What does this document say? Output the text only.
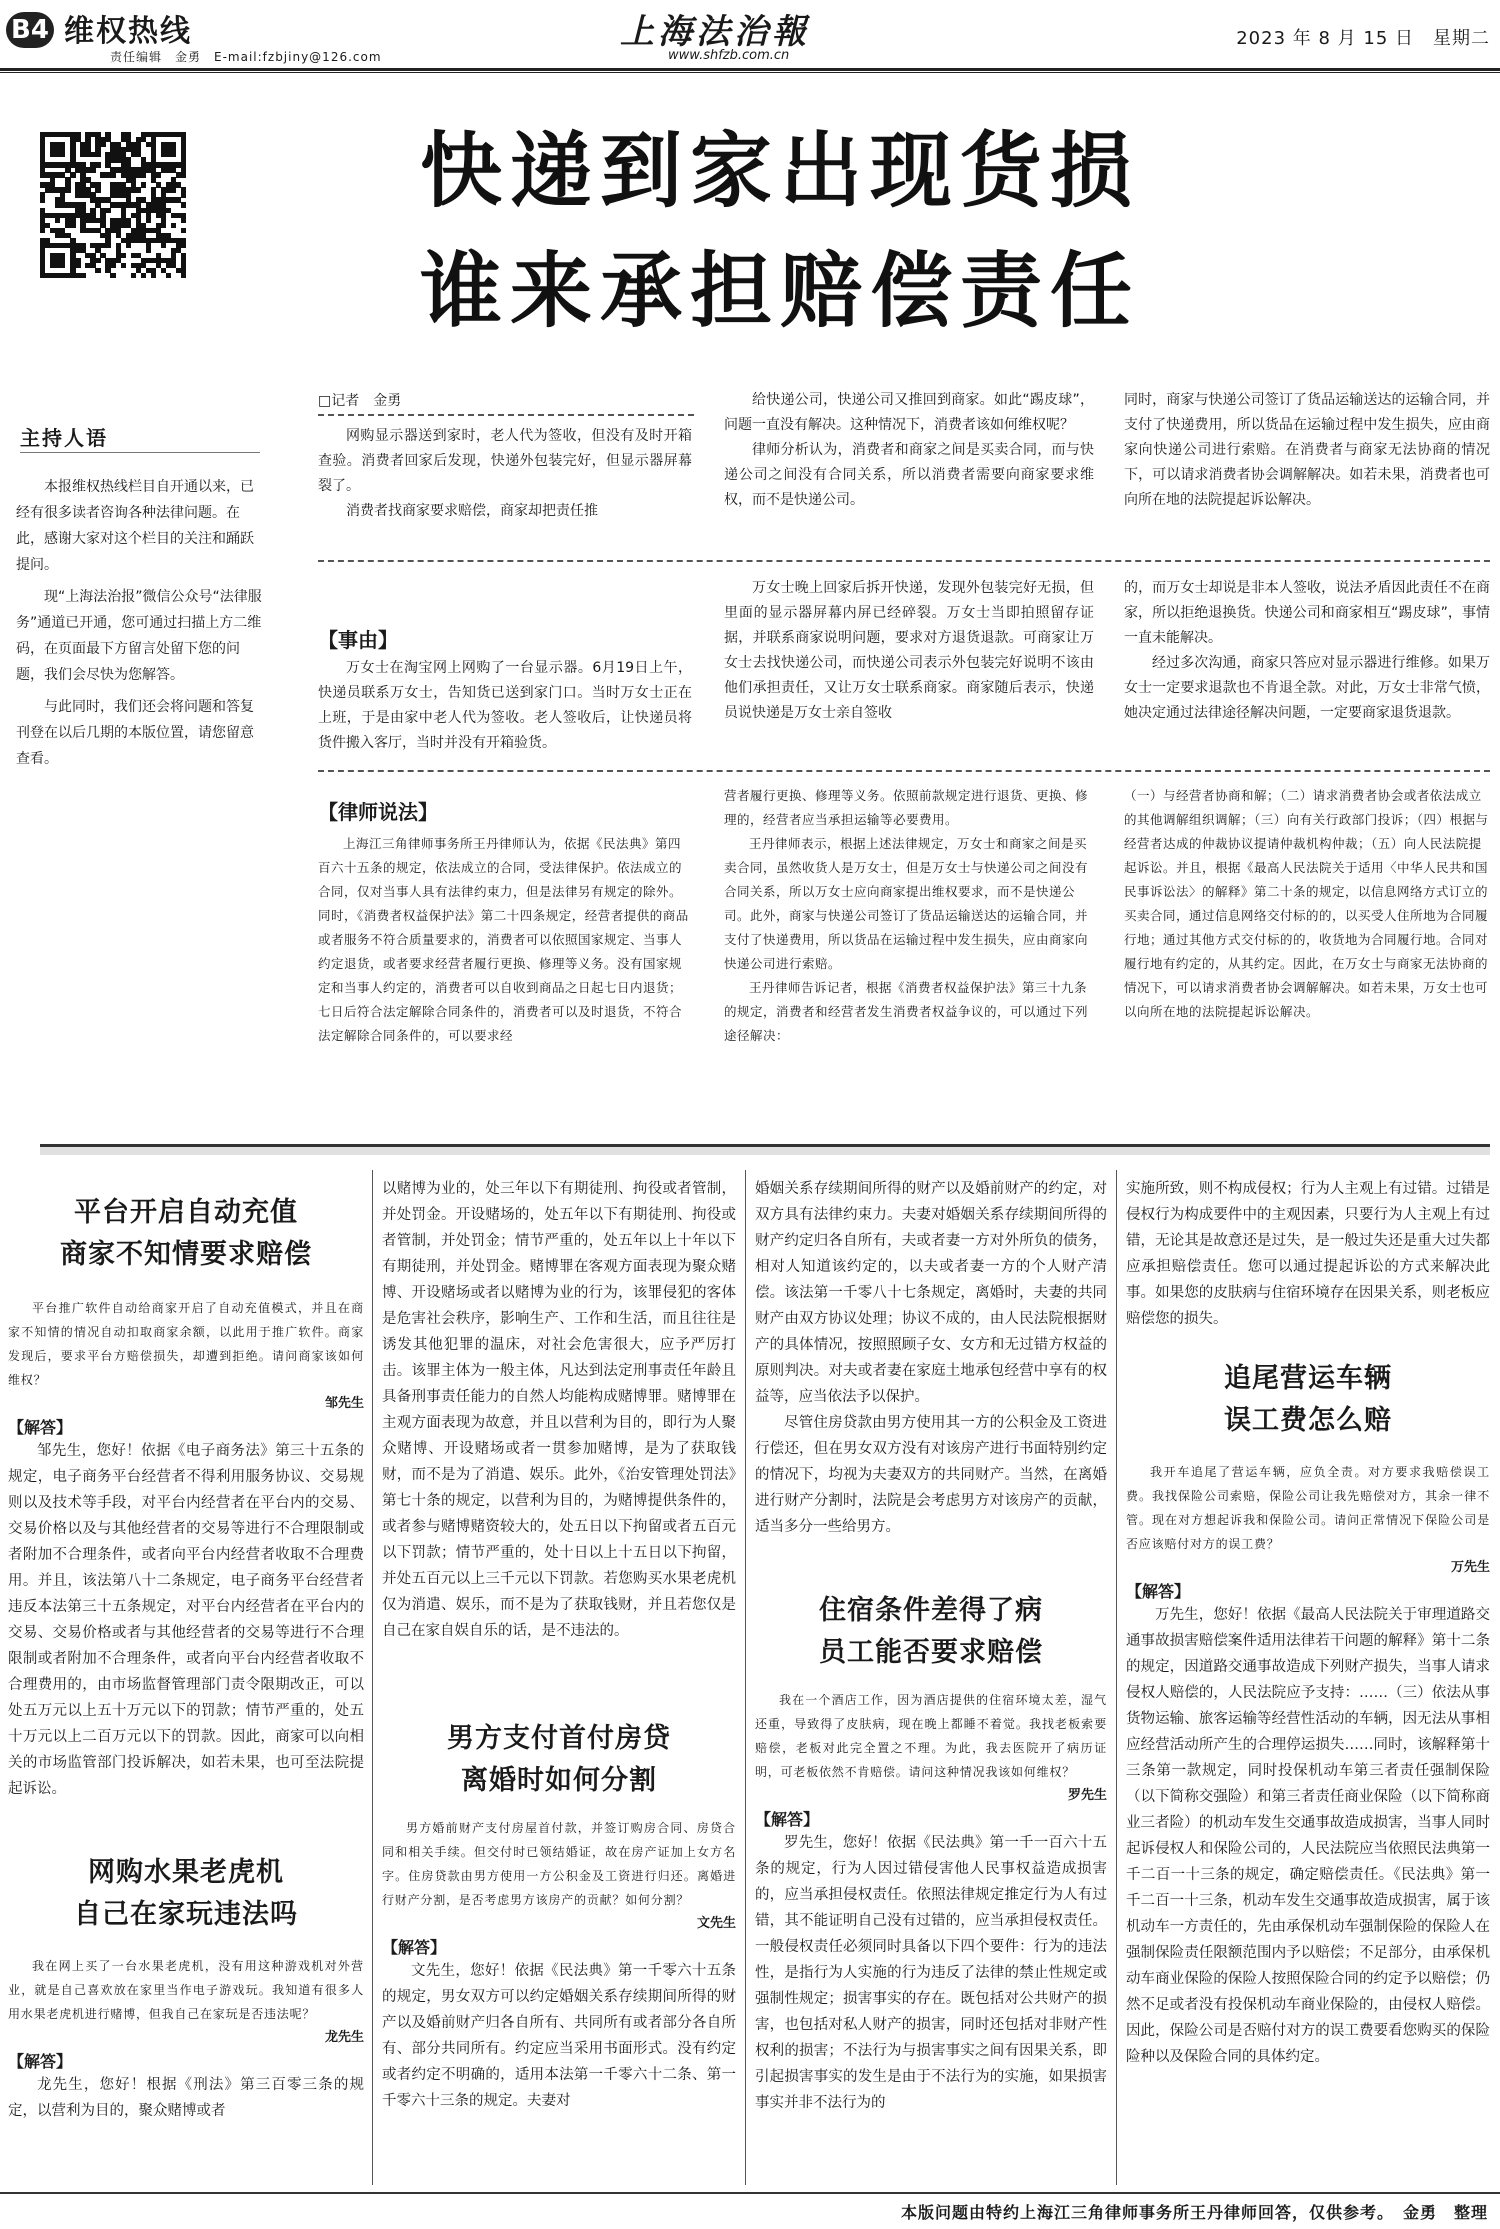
B4 维权热线
责任编辑　金勇　E-mail:fzbjiny@126.com
上海法治報
www.shfzb.com.cn
2023 年 8 月 15 日　星期二
快递到家出现货损
谁来承担赔偿责任
主持人语

本报维权热线栏目自开通以来，已经有很多读者咨询各种法律问题。在此，感谢大家对这个栏目的关注和踊跃提问。

现“上海法治报”微信公众号“法律服务”通道已开通，您可通过扫描上方二维码，在页面最下方留言处留下您的问题，我们会尽快为您解答。

与此同时，我们还会将问题和答复刊登在以后几期的本版位置，请您留意查看。

□记者　金勇

网购显示器送到家时，老人代为签收，但没有及时开箱查验。消费者回家后发现，快递外包装完好，但显示器屏幕裂了。

消费者找商家要求赔偿，商家却把责任推

给快递公司，快递公司又推回到商家。如此“踢皮球”，问题一直没有解决。这种情况下，消费者该如何维权呢？

律师分析认为，消费者和商家之间是买卖合同，而与快递公司之间没有合同关系，所以消费者需要向商家要求维权，而不是快递公司。

同时，商家与快递公司签订了货品运输送达的运输合同，并支付了快递费用，所以货品在运输过程中发生损失，应由商家向快递公司进行索赔。在消费者与商家无法协商的情况下，可以请求消费者协会调解解决。如若未果，消费者也可向所在地的法院提起诉讼解决。

【事由】

万女士在淘宝网上网购了一台显示器。6月19日上午，快递员联系万女士，告知货已送到家门口。当时万女士正在上班，于是由家中老人代为签收。老人签收后，让快递员将货件搬入客厅，当时并没有开箱验货。

万女士晚上回家后拆开快递，发现外包装完好无损，但里面的显示器屏幕内屏已经碎裂。万女士当即拍照留存证据，并联系商家说明问题，要求对方退货退款。可商家让万女士去找快递公司，而快递公司表示外包装完好说明不该由他们承担责任，又让万女士联系商家。商家随后表示，快递员说快递是万女士亲自签收

的，而万女士却说是非本人签收，说法矛盾因此责任不在商家，所以拒绝退换货。快递公司和商家相互“踢皮球”，事情一直未能解决。

经过多次沟通，商家只答应对显示器进行维修。如果万女士一定要求退款也不肯退全款。对此，万女士非常气愤，她决定通过法律途径解决问题，一定要商家退货退款。

【律师说法】

上海江三角律师事务所王丹律师认为，依据《民法典》第四百六十五条的规定，依法成立的合同，受法律保护。依法成立的合同，仅对当事人具有法律约束力，但是法律另有规定的除外。同时，《消费者权益保护法》第二十四条规定，经营者提供的商品或者服务不符合质量要求的，消费者可以依照国家规定、当事人约定退货，或者要求经营者履行更换、修理等义务。没有国家规定和当事人约定的，消费者可以自收到商品之日起七日内退货；七日后符合法定解除合同条件的，消费者可以及时退货，不符合法定解除合同条件的，可以要求经

营者履行更换、修理等义务。依照前款规定进行退货、更换、修理的，经营者应当承担运输等必要费用。

王丹律师表示，根据上述法律规定，万女士和商家之间是买卖合同，虽然收货人是万女士，但是万女士与快递公司之间没有合同关系，所以万女士应向商家提出维权要求，而不是快递公司。此外，商家与快递公司签订了货品运输送达的运输合同，并支付了快递费用，所以货品在运输过程中发生损失，应由商家向快递公司进行索赔。

王丹律师告诉记者，根据《消费者权益保护法》第三十九条的规定，消费者和经营者发生消费者权益争议的，可以通过下列途径解决：

（一）与经营者协商和解；（二）请求消费者协会或者依法成立的其他调解组织调解；（三）向有关行政部门投诉；（四）根据与经营者达成的仲裁协议提请仲裁机构仲裁；（五）向人民法院提起诉讼。并且，根据《最高人民法院关于适用〈中华人民共和国民事诉讼法〉的解释》第二十条的规定，以信息网络方式订立的买卖合同，通过信息网络交付标的的，以买受人住所地为合同履行地；通过其他方式交付标的的，收货地为合同履行地。合同对履行地有约定的，从其约定。因此，在万女士与商家无法协商的情况下，可以请求消费者协会调解解决。如若未果，万女士也可以向所在地的法院提起诉讼解决。

平台开启自动充值
商家不知情要求赔偿

平台推广软件自动给商家开启了自动充值模式，并且在商家不知情的情况自动扣取商家余额，以此用于推广软件。商家发现后，要求平台方赔偿损失，却遭到拒绝。请问商家该如何维权？

邹先生
【解答】

邹先生，您好！依据《电子商务法》第三十五条的规定，电子商务平台经营者不得利用服务协议、交易规则以及技术等手段，对平台内经营者在平台内的交易、交易价格以及与其他经营者的交易等进行不合理限制或者附加不合理条件，或者向平台内经营者收取不合理费用。并且，该法第八十二条规定，电子商务平台经营者违反本法第三十五条规定，对平台内经营者在平台内的交易、交易价格或者与其他经营者的交易等进行不合理限制或者附加不合理条件，或者向平台内经营者收取不合理费用的，由市场监督管理部门责令限期改正，可以处五万元以上五十万元以下的罚款；情节严重的，处五十万元以上二百万元以下的罚款。因此，商家可以向相关的市场监管部门投诉解决，如若未果，也可至法院提起诉讼。

网购水果老虎机
自己在家玩违法吗

我在网上买了一台水果老虎机，没有用这种游戏机对外营业，就是自己喜欢放在家里当作电子游戏玩。我知道有很多人用水果老虎机进行赌博，但我自己在家玩是否违法呢？

龙先生
【解答】

龙先生，您好！根据《刑法》第三百零三条的规定，以营利为目的，聚众赌博或者

以赌博为业的，处三年以下有期徒刑、拘役或者管制，并处罚金。开设赌场的，处五年以下有期徒刑、拘役或者管制，并处罚金；情节严重的，处五年以上十年以下有期徒刑，并处罚金。赌博罪在客观方面表现为聚众赌博、开设赌场或者以赌博为业的行为，该罪侵犯的客体是危害社会秩序，影响生产、工作和生活，而且往往是诱发其他犯罪的温床，对社会危害很大，应予严厉打击。该罪主体为一般主体，凡达到法定刑事责任年龄且具备刑事责任能力的自然人均能构成赌博罪。赌博罪在主观方面表现为故意，并且以营利为目的，即行为人聚众赌博、开设赌场或者一贯参加赌博，是为了获取钱财，而不是为了消遣、娱乐。此外，《治安管理处罚法》第七十条的规定，以营利为目的，为赌博提供条件的，或者参与赌博赌资较大的，处五日以下拘留或者五百元以下罚款；情节严重的，处十日以上十五日以下拘留，并处五百元以上三千元以下罚款。若您购买水果老虎机仅为消遣、娱乐，而不是为了获取钱财，并且若您仅是自己在家自娱自乐的话，是不违法的。

男方支付首付房贷
离婚时如何分割

男方婚前财产支付房屋首付款，并签订购房合同、房贷合同和相关手续。但交付时已领结婚证，故在房产证加上女方名字。住房贷款由男方使用一方公积金及工资进行归还。离婚进行财产分割，是否考虑男方该房产的贡献？如何分割？

文先生
【解答】

文先生，您好！依据《民法典》第一千零六十五条的规定，男女双方可以约定婚姻关系存续期间所得的财产以及婚前财产归各自所有、共同所有或者部分各自所有、部分共同所有。约定应当采用书面形式。没有约定或者约定不明确的，适用本法第一千零六十二条、第一千零六十三条的规定。夫妻对

婚姻关系存续期间所得的财产以及婚前财产的约定，对双方具有法律约束力。夫妻对婚姻关系存续期间所得的财产约定归各自所有，夫或者妻一方对外所负的债务，相对人知道该约定的，以夫或者妻一方的个人财产清偿。该法第一千零八十七条规定，离婚时，夫妻的共同财产由双方协议处理；协议不成的，由人民法院根据财产的具体情况，按照照顾子女、女方和无过错方权益的原则判决。对夫或者妻在家庭土地承包经营中享有的权益等，应当依法予以保护。

尽管住房贷款由男方使用其一方的公积金及工资进行偿还，但在男女双方没有对该房产进行书面特别约定的情况下，均视为夫妻双方的共同财产。当然，在离婚进行财产分割时，法院是会考虑男方对该房产的贡献，适当多分一些给男方。

住宿条件差得了病
员工能否要求赔偿

我在一个酒店工作，因为酒店提供的住宿环境太差，湿气还重，导致得了皮肤病，现在晚上都睡不着觉。我找老板索要赔偿，老板对此完全置之不理。为此，我去医院开了病历证明，可老板依然不肯赔偿。请问这种情况我该如何维权？

罗先生
【解答】

罗先生，您好！依据《民法典》第一千一百六十五条的规定，行为人因过错侵害他人民事权益造成损害的，应当承担侵权责任。依照法律规定推定行为人有过错，其不能证明自己没有过错的，应当承担侵权责任。一般侵权责任必须同时具备以下四个要件：行为的违法性，是指行为人实施的行为违反了法律的禁止性规定或强制性规定；损害事实的存在。既包括对公共财产的损害，也包括对私人财产的损害，同时还包括对非财产性权利的损害；不法行为与损害事实之间有因果关系，即引起损害事实的发生是由于不法行为的实施，如果损害事实并非不法行为的

实施所致，则不构成侵权；行为人主观上有过错。过错是侵权行为构成要件中的主观因素，只要行为人主观上有过错，无论其是故意还是过失，是一般过失还是重大过失都应承担赔偿责任。您可以通过提起诉讼的方式来解决此事。如果您的皮肤病与住宿环境存在因果关系，则老板应赔偿您的损失。

追尾营运车辆
误工费怎么赔

我开车追尾了营运车辆，应负全责。对方要求我赔偿误工费。我找保险公司索赔，保险公司让我先赔偿对方，其余一律不管。现在对方想起诉我和保险公司。请问正常情况下保险公司是否应该赔付对方的误工费？

万先生
【解答】

万先生，您好！依据《最高人民法院关于审理道路交通事故损害赔偿案件适用法律若干问题的解释》第十二条的规定，因道路交通事故造成下列财产损失，当事人请求侵权人赔偿的，人民法院应予支持：……（三）依法从事货物运输、旅客运输等经营性活动的车辆，因无法从事相应经营活动所产生的合理停运损失……同时，该解释第十三条第一款规定，同时投保机动车第三者责任强制保险（以下简称交强险）和第三者责任商业保险（以下简称商业三者险）的机动车发生交通事故造成损害，当事人同时起诉侵权人和保险公司的，人民法院应当依照民法典第一千二百一十三条的规定，确定赔偿责任。《民法典》第一千二百一十三条，机动车发生交通事故造成损害，属于该机动车一方责任的，先由承保机动车强制保险的保险人在强制保险责任限额范围内予以赔偿；不足部分，由承保机动车商业保险的保险人按照保险合同的约定予以赔偿；仍然不足或者没有投保机动车商业保险的，由侵权人赔偿。因此，保险公司是否赔付对方的误工费要看您购买的保险险种以及保险合同的具体约定。

本版问题由特约上海江三角律师事务所王丹律师回答，仅供参考。　金勇　整理
